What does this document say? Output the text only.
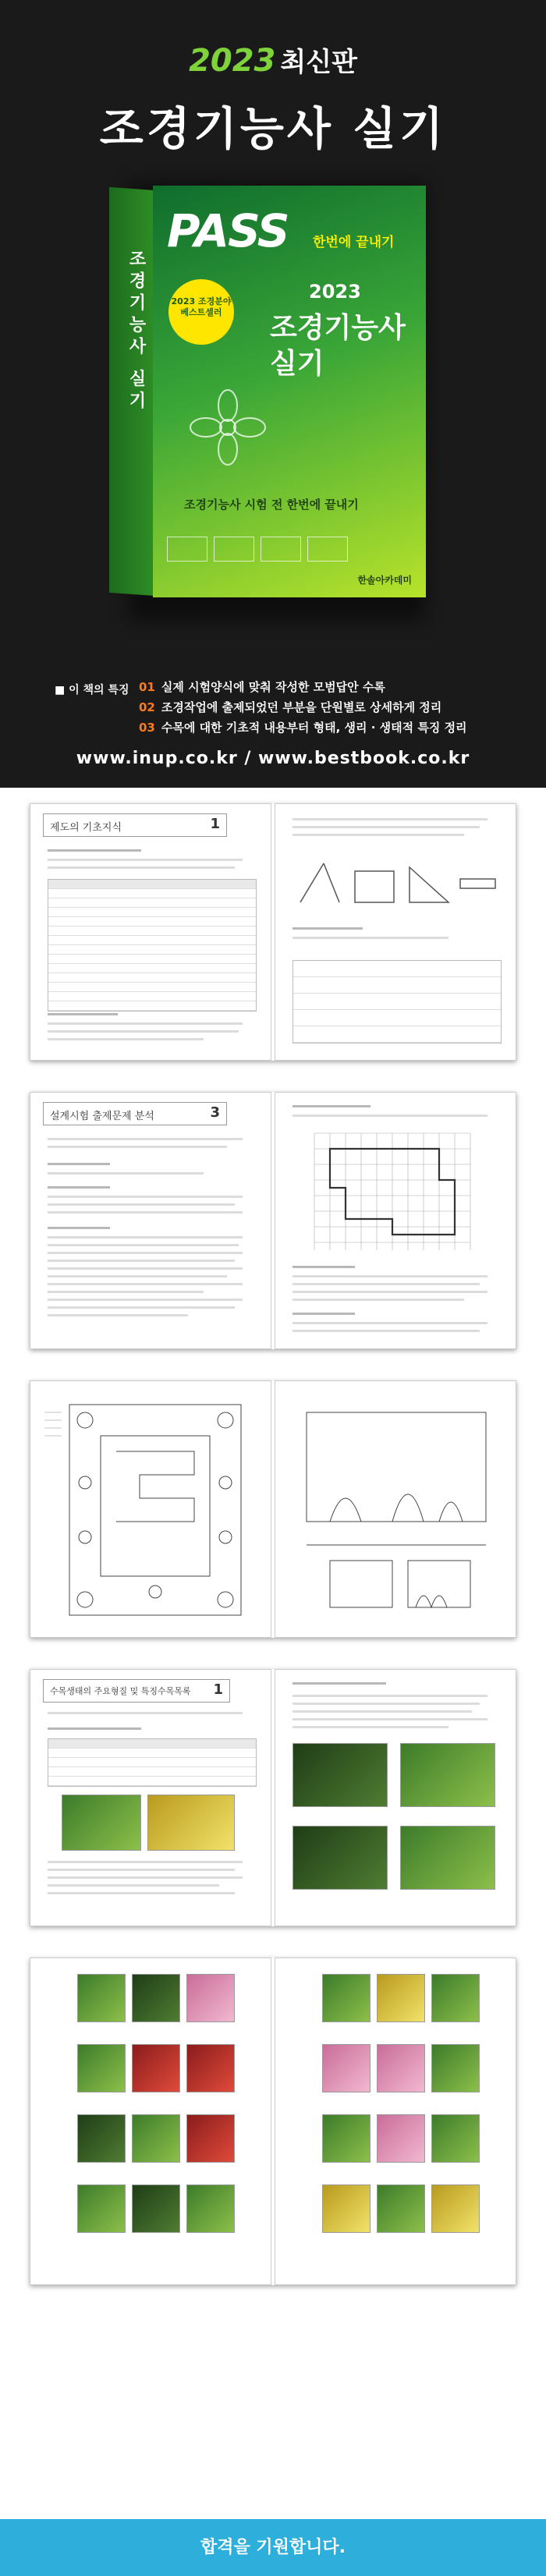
2023 최신판
조경기능사 실기
조경기능사 실기
PASS 한번에 끝내기
2023 조경분야 베스트셀러
2023
조경기능사
실기
조경기능사 시험 전 한번에 끝내기
한솔아카데미
■ 이 책의 특징 01 실제 시험양식에 맞춰 작성한 모범답안 수록
02 조경작업에 출제되었던 부분을 단원별로 상세하게 정리
03 수목에 대한 기초적 내용부터 형태, 생리 · 생태적 특징 정리
www.inup.co.kr / www.bestbook.co.kr
제도의 기초지식	1
설계시험 출제문제 분석	3
수목생태의 주요형질 및 특징수목목록 1
합격을 기원합니다.
